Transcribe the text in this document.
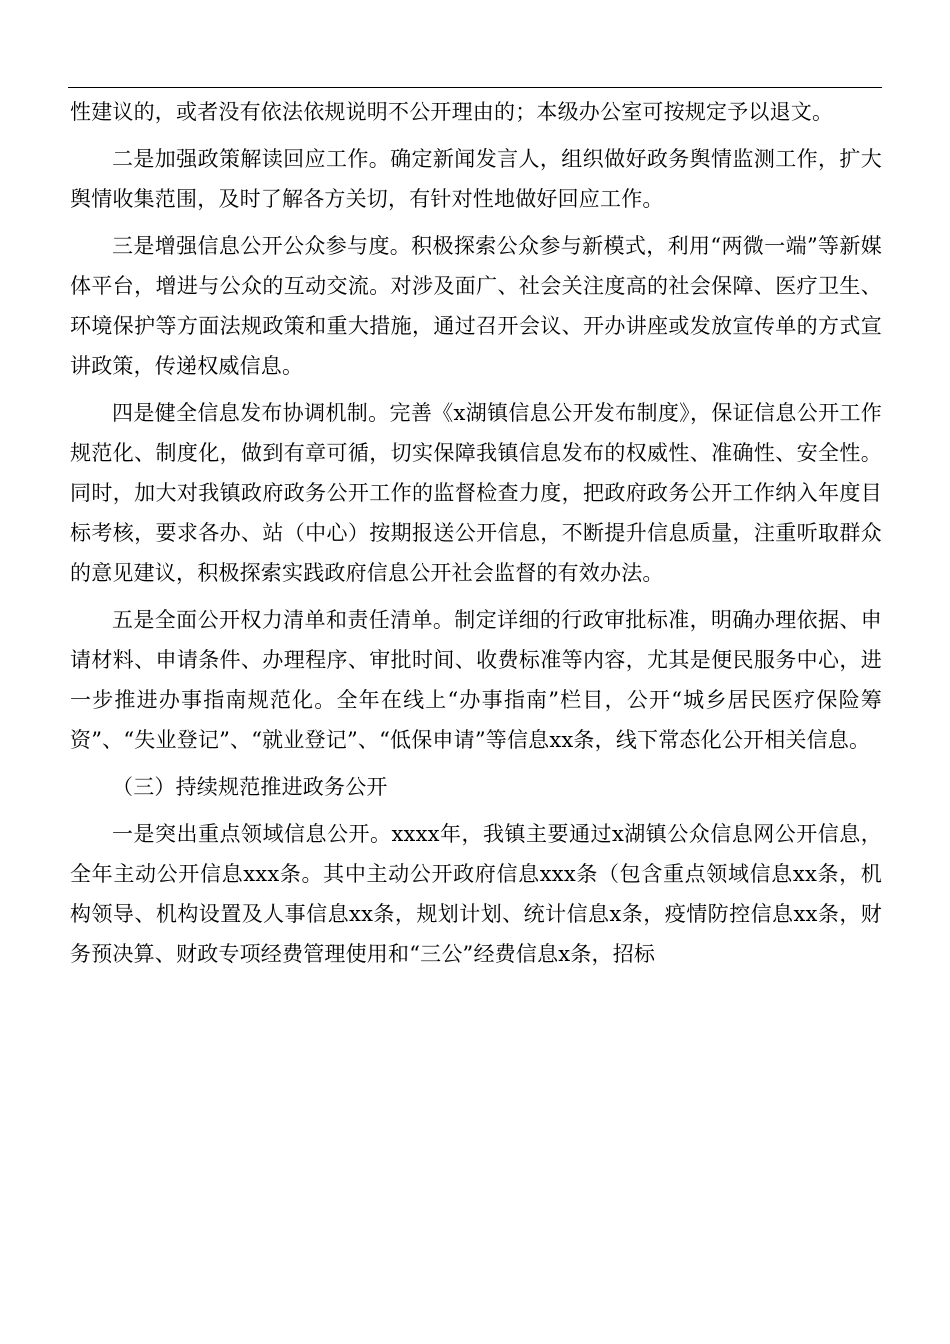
性建议的，或者没有依法依规说明不公开理由的；本级办公室可按规定予以退文。

二是加强政策解读回应工作。确定新闻发言人，组织做好政务舆情监测工作，扩大舆情收集范围，及时了解各方关切，有针对性地做好回应工作。

三是增强信息公开公众参与度。积极探索公众参与新模式，利用“两微一端”等新媒体平台，增进与公众的互动交流。对涉及面广、社会关注度高的社会保障、医疗卫生、环境保护等方面法规政策和重大措施，通过召开会议、开办讲座或发放宣传单的方式宣讲政策，传递权威信息。

四是健全信息发布协调机制。完善《x湖镇信息公开发布制度》，保证信息公开工作规范化、制度化，做到有章可循，切实保障我镇信息发布的权威性、准确性、安全性。同时，加大对我镇政府政务公开工作的监督检查力度，把政府政务公开工作纳入年度目标考核，要求各办、站（中心）按期报送公开信息，不断提升信息质量，注重听取群众的意见建议，积极探索实践政府信息公开社会监督的有效办法。

五是全面公开权力清单和责任清单。制定详细的行政审批标准，明确办理依据、申请材料、申请条件、办理程序、审批时间、收费标准等内容，尤其是便民服务中心，进一步推进办事指南规范化。全年在线上“办事指南”栏目，公开“城乡居民医疗保险筹资”、“失业登记”、“就业登记”、“低保申请”等信息xx条，线下常态化公开相关信息。

（三）持续规范推进政务公开

一是突出重点领域信息公开。xxxx年，我镇主要通过x湖镇公众信息网公开信息，全年主动公开信息xxx条。其中主动公开政府信息xxx条（包含重点领域信息xx条，机构领导、机构设置及人事信息xx条，规划计划、统计信息x条，疫情防控信息xx条，财务预决算、财政专项经费管理使用和“三公”经费信息x条，招标
